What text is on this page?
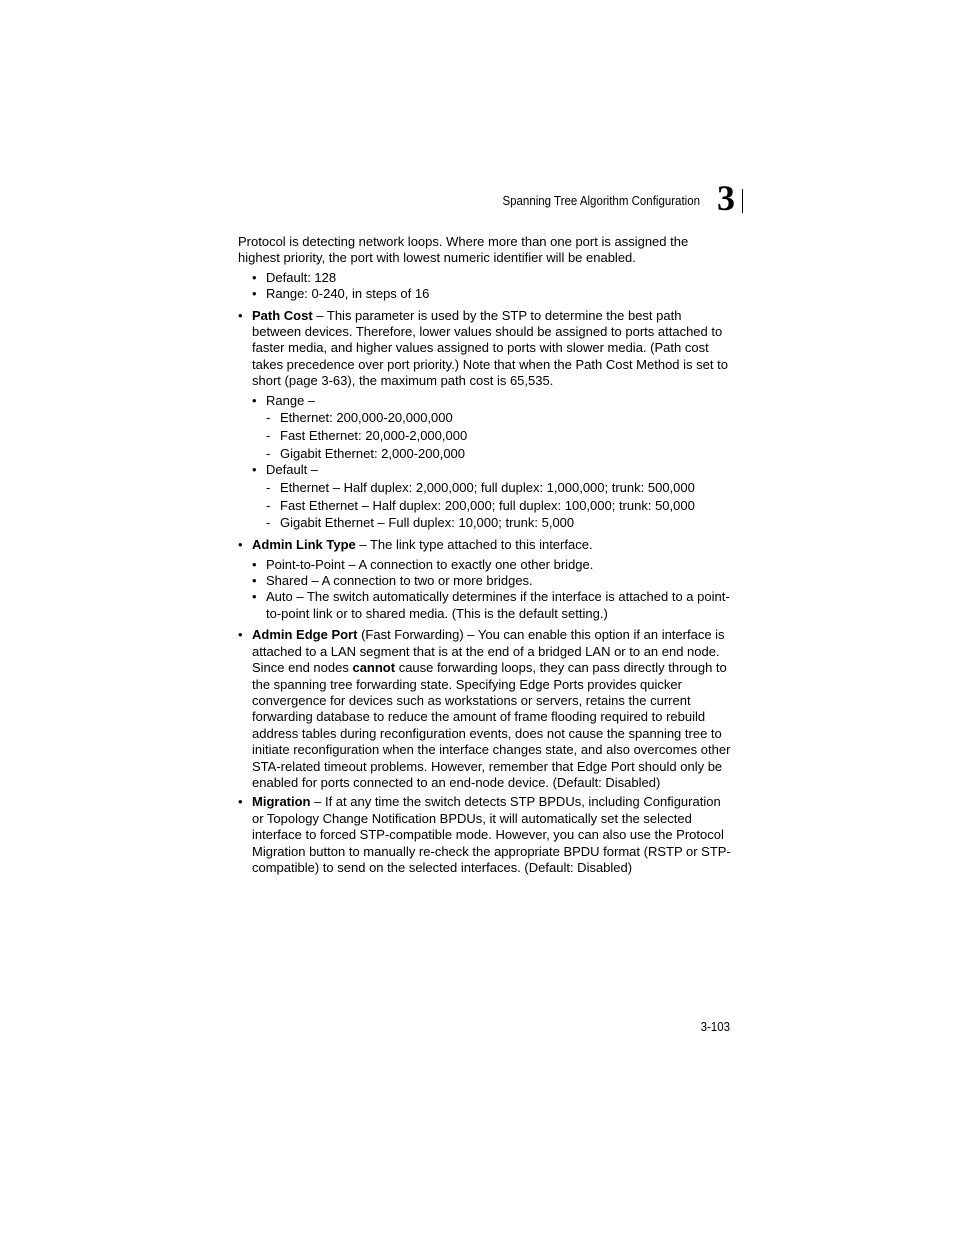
Spanning Tree Algorithm Configuration 3

Protocol is detecting network loops. Where more than one port is assigned the highest priority, the port with lowest numeric identifier will be enabled.

• Default: 128
• Range: 0-240, in steps of 16
• Path Cost – This parameter is used by the STP to determine the best path between devices. Therefore, lower values should be assigned to ports attached to faster media, and higher values assigned to ports with slower media. (Path cost takes precedence over port priority.) Note that when the Path Cost Method is set to short (page 3-63), the maximum path cost is 65,535.
• Range –
- Ethernet: 200,000-20,000,000
- Fast Ethernet: 20,000-2,000,000
- Gigabit Ethernet: 2,000-200,000
• Default –
- Ethernet – Half duplex: 2,000,000; full duplex: 1,000,000; trunk: 500,000
- Fast Ethernet – Half duplex: 200,000; full duplex: 100,000; trunk: 50,000
- Gigabit Ethernet – Full duplex: 10,000; trunk: 5,000
• Admin Link Type – The link type attached to this interface.
• Point-to-Point – A connection to exactly one other bridge.
• Shared – A connection to two or more bridges.
• Auto – The switch automatically determines if the interface is attached to a point-to-point link or to shared media. (This is the default setting.)
• Admin Edge Port (Fast Forwarding) – You can enable this option if an interface is attached to a LAN segment that is at the end of a bridged LAN or to an end node. Since end nodes cannot cause forwarding loops, they can pass directly through to the spanning tree forwarding state. Specifying Edge Ports provides quicker convergence for devices such as workstations or servers, retains the current forwarding database to reduce the amount of frame flooding required to rebuild address tables during reconfiguration events, does not cause the spanning tree to initiate reconfiguration when the interface changes state, and also overcomes other STA-related timeout problems. However, remember that Edge Port should only be enabled for ports connected to an end-node device. (Default: Disabled)
• Migration – If at any time the switch detects STP BPDUs, including Configuration or Topology Change Notification BPDUs, it will automatically set the selected interface to forced STP-compatible mode. However, you can also use the Protocol Migration button to manually re-check the appropriate BPDU format (RSTP or STP-compatible) to send on the selected interfaces. (Default: Disabled)
3-103
